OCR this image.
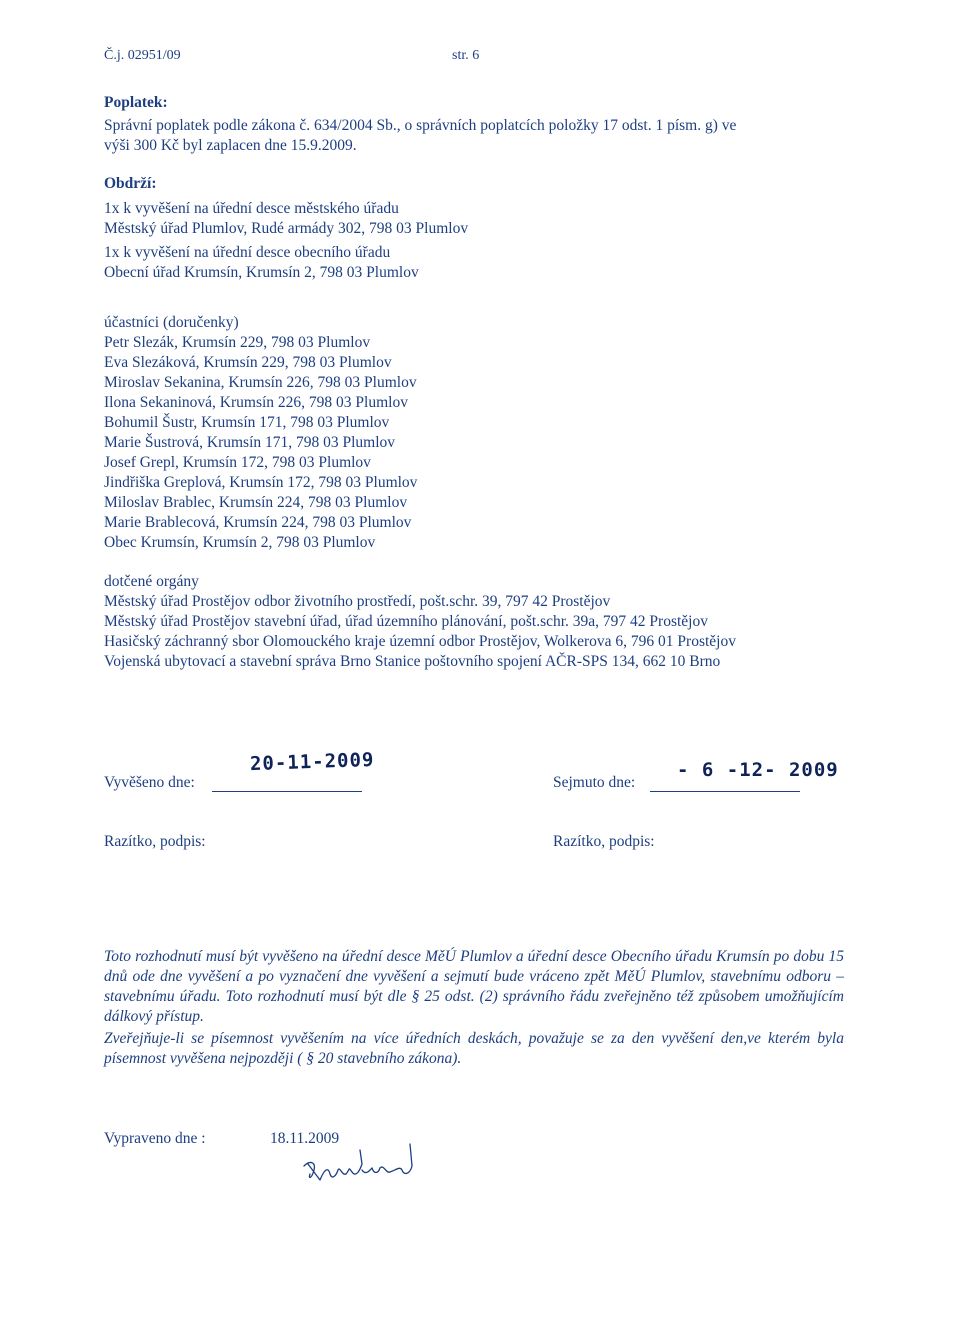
Č.j. 02951/09	str. 6
Poplatek:
Správní poplatek podle zákona č. 634/2004 Sb., o správních poplatcích položky 17 odst. 1 písm. g) ve
výši 300 Kč byl zaplacen dne 15.9.2009.
Obdrží:
1x k vyvěšení na úřední desce městského úřadu
Městský úřad Plumlov, Rudé armády 302, 798 03 Plumlov
1x k vyvěšení na úřední desce obecního úřadu
Obecní úřad Krumsín, Krumsín 2, 798 03 Plumlov
účastníci (doručenky)
Petr Slezák, Krumsín 229, 798 03 Plumlov
Eva Slezáková, Krumsín 229, 798 03 Plumlov
Miroslav Sekanina, Krumsín 226, 798 03 Plumlov
Ilona Sekaninová, Krumsín 226, 798 03 Plumlov
Bohumil Šustr, Krumsín 171, 798 03 Plumlov
Marie Šustrová, Krumsín 171, 798 03 Plumlov
Josef Grepl, Krumsín 172, 798 03 Plumlov
Jindřiška Greplová, Krumsín 172, 798 03 Plumlov
Miloslav Brablec, Krumsín 224, 798 03 Plumlov
Marie Brablecová, Krumsín 224, 798 03 Plumlov
Obec Krumsín, Krumsín 2, 798 03 Plumlov
dotčené orgány
Městský úřad Prostějov odbor životního prostředí, pošt.schr. 39, 797 42 Prostějov
Městský úřad Prostějov stavební úřad, úřad územního plánování, pošt.schr. 39a, 797 42 Prostějov
Hasičský záchranný sbor Olomouckého kraje územní odbor Prostějov, Wolkerova 6, 796 01 Prostějov
Vojenská ubytovací a stavební správa Brno Stanice poštovního spojení AČR-SPS 134, 662 10 Brno
Vyvěšeno dne:
20-11-2009
Sejmuto dne:
- 6 -12- 2009
Razítko, podpis:	Razítko, podpis:
Toto rozhodnutí musí být vyvěšeno na úřední desce MěÚ Plumlov a úřední desce Obecního úřadu Krumsín po dobu 15 dnů ode dne vyvěšení a po vyznačení dne vyvěšení a sejmutí bude vráceno zpět MěÚ Plumlov, stavebnímu odboru – stavebnímu úřadu. Toto rozhodnutí musí být dle § 25 odst. (2) správního řádu zveřejněno též způsobem umožňujícím dálkový přístup.
Zveřejňuje-li se písemnost vyvěšením na více úředních deskách, považuje se za den vyvěšení den,ve kterém byla písemnost vyvěšena nejpozději ( § 20 stavebního zákona).
Vypraveno dne :	18.11.2009
